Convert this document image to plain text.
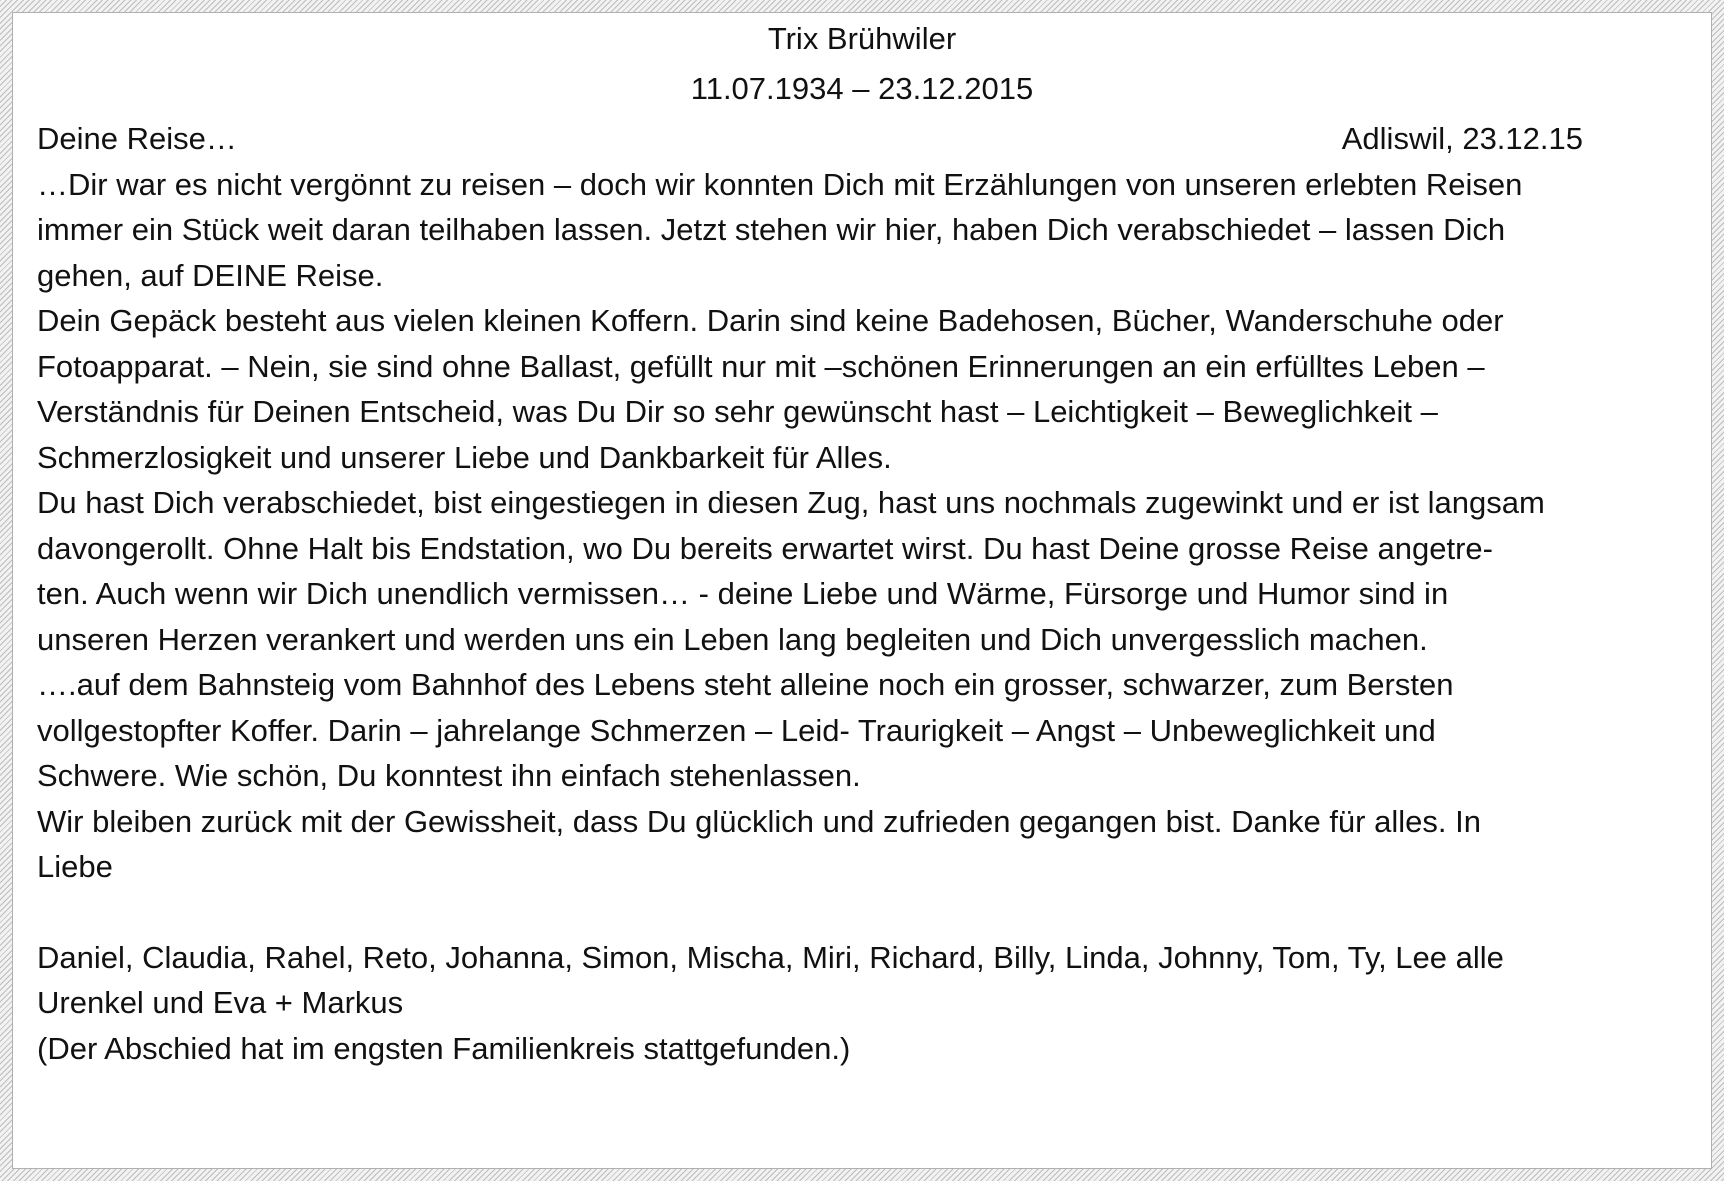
Trix Brühwiler
11.07.1934 – 23.12.2015
Deine Reise…	Adliswil, 23.12.15
…Dir war es nicht vergönnt zu reisen – doch wir konnten Dich mit Erzählungen von unseren erlebten Reisen
immer ein Stück weit daran teilhaben lassen. Jetzt stehen wir hier, haben Dich verabschiedet – lassen Dich
gehen, auf DEINE Reise.
Dein Gepäck besteht aus vielen kleinen Koffern. Darin sind keine Badehosen, Bücher, Wanderschuhe oder
Fotoapparat. – Nein, sie sind ohne Ballast, gefüllt nur mit –schönen Erinnerungen an ein erfülltes Leben –
Verständnis für Deinen Entscheid, was Du Dir so sehr gewünscht hast – Leichtigkeit – Beweglichkeit –
Schmerzlosigkeit und unserer Liebe und Dankbarkeit für Alles.
Du hast Dich verabschiedet, bist eingestiegen in diesen Zug, hast uns nochmals zugewinkt und er ist langsam
davongerollt. Ohne Halt bis Endstation, wo Du bereits erwartet wirst. Du hast Deine grosse Reise angetre-
ten. Auch wenn wir Dich unendlich vermissen… - deine Liebe und Wärme, Fürsorge und Humor sind in
unseren Herzen verankert und werden uns ein Leben lang begleiten und Dich unvergesslich machen.
….auf dem Bahnsteig vom Bahnhof des Lebens steht alleine noch ein grosser, schwarzer, zum Bersten
vollgestopfter Koffer. Darin – jahrelange Schmerzen – Leid- Traurigkeit – Angst – Unbeweglichkeit und
Schwere. Wie schön, Du konntest ihn einfach stehenlassen.
Wir bleiben zurück mit der Gewissheit, dass Du glücklich und zufrieden gegangen bist. Danke für alles. In
Liebe
Daniel, Claudia, Rahel, Reto, Johanna, Simon, Mischa, Miri, Richard, Billy, Linda, Johnny, Tom, Ty, Lee alle
Urenkel und Eva + Markus
(Der Abschied hat im engsten Familienkreis stattgefunden.)
